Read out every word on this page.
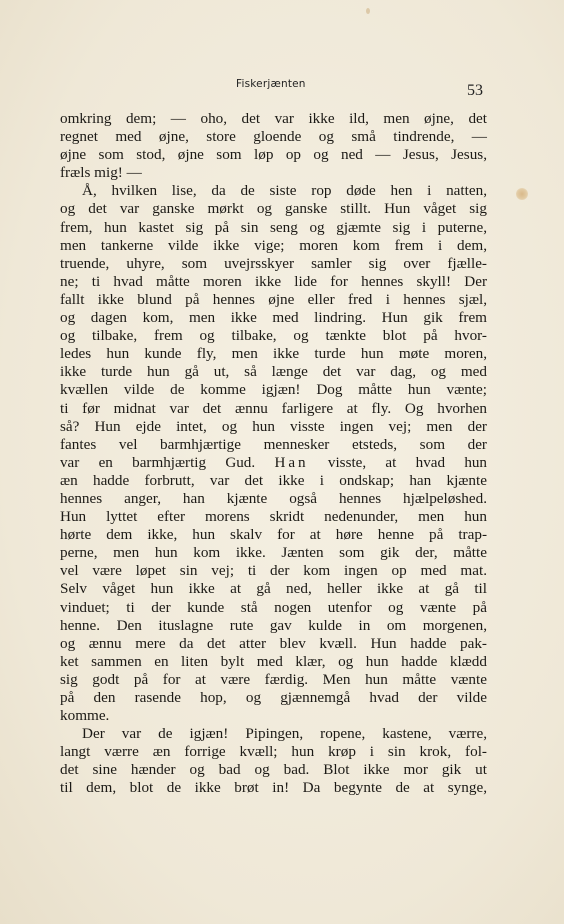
Fiskerjænten	53
omkring dem; — oho, det var ikke ild, men øjne, det
regnet med øjne, store gloende og små tindrende, —
øjne som stod, øjne som løp op og ned — Jesus, Jesus,
fræls mig! —
Å, hvilken lise, da de siste rop døde hen i natten,
og det var ganske mørkt og ganske stillt. Hun våget sig
frem, hun kastet sig på sin seng og gjæmte sig i puterne,
men tankerne vilde ikke vige; moren kom frem i dem,
truende, uhyre, som uvejrsskyer samler sig over fjælle-
ne; ti hvad måtte moren ikke lide for hennes skyll! Der
fallt ikke blund på hennes øjne eller fred i hennes sjæl,
og dagen kom, men ikke med lindring. Hun gik frem
og tilbake, frem og tilbake, og tænkte blot på hvor-
ledes hun kunde fly, men ikke turde hun møte moren,
ikke turde hun gå ut, så længe det var dag, og med
kvællen vilde de komme igjæn! Dog måtte hun vænte;
ti før midnat var det ænnu farligere at fly. Og hvorhen
så? Hun ejde intet, og hun visste ingen vej; men der
fantes vel barmhjærtige mennesker etsteds, som der
var en barmhjærtig Gud. Han visste, at hvad hun
æn hadde forbrutt, var det ikke i ondskap; han kjænte
hennes anger, han kjænte også hennes hjælpeløshed.
Hun lyttet efter morens skridt nedenunder, men hun
hørte dem ikke, hun skalv for at høre henne på trap-
perne, men hun kom ikke. Jænten som gik der, måtte
vel være løpet sin vej; ti der kom ingen op med mat.
Selv våget hun ikke at gå ned, heller ikke at gå til
vinduet; ti der kunde stå nogen utenfor og vænte på
henne. Den ituslagne rute gav kulde in om morgenen,
og ænnu mere da det atter blev kvæll. Hun hadde pak-
ket sammen en liten bylt med klær, og hun hadde klædd
sig godt på for at være færdig. Men hun måtte vænte
på den rasende hop, og gjænnemgå hvad der vilde
komme.
Der var de igjæn! Pipingen, ropene, kastene, værre,
langt værre æn forrige kvæll; hun krøp i sin krok, fol-
det sine hænder og bad og bad. Blot ikke mor gik ut
til dem, blot de ikke brøt in! Da begynte de at synge,
